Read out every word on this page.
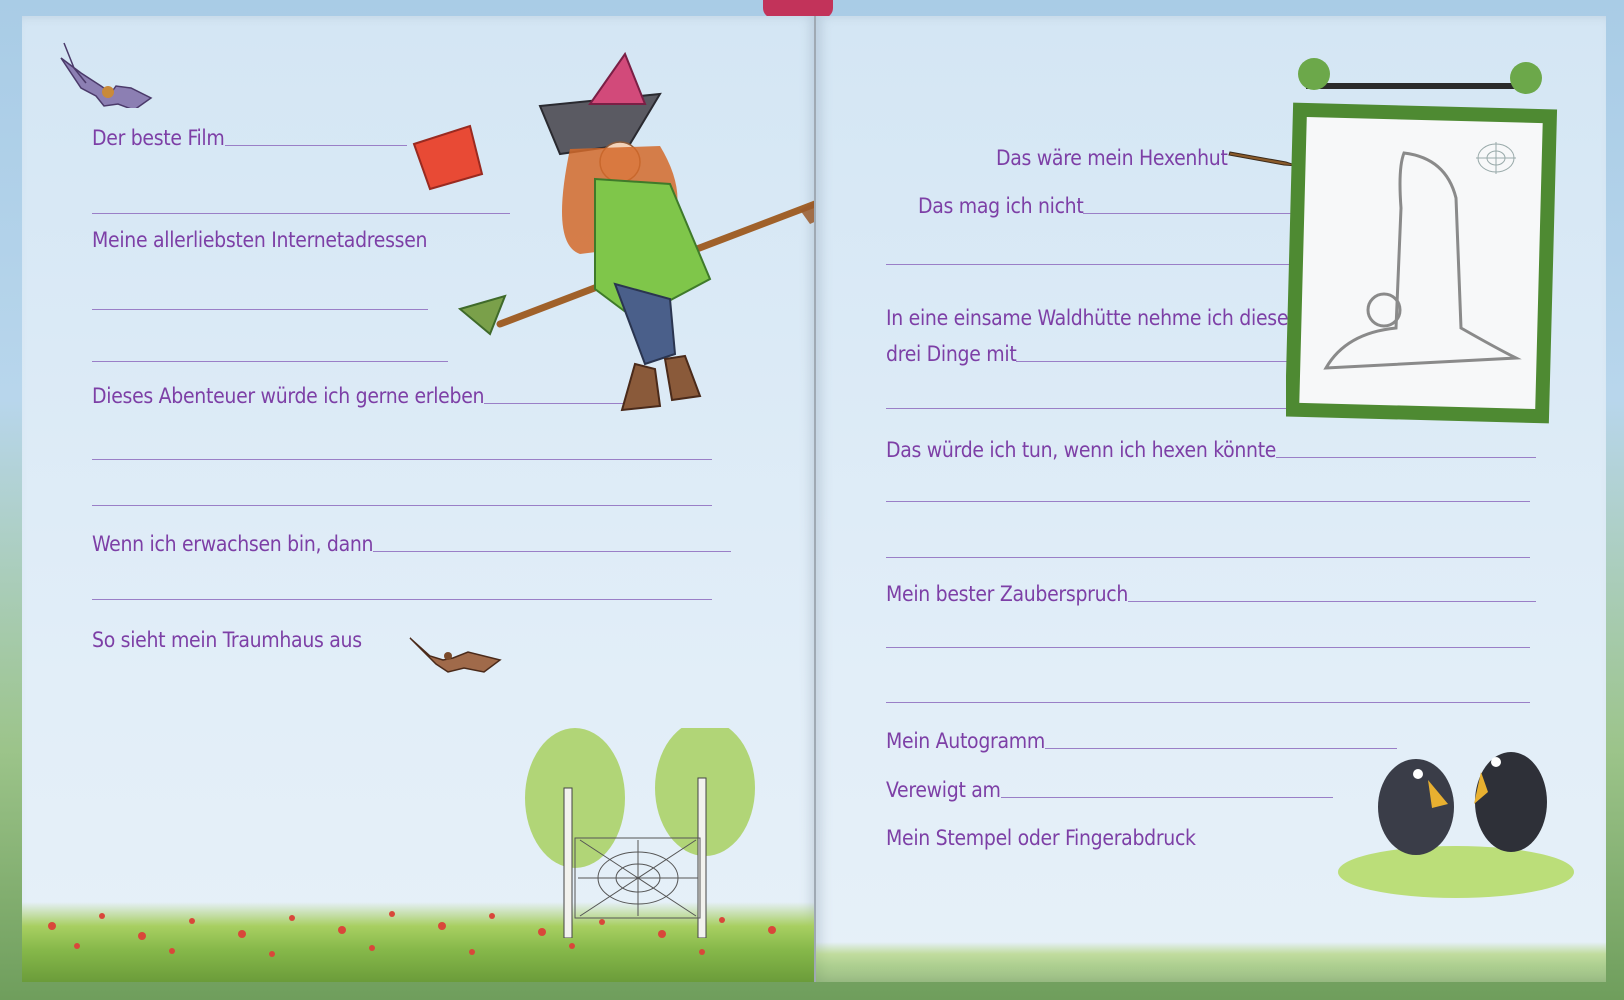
Der beste Film
Meine allerliebsten Internetadressen
Dieses Abenteuer würde ich gerne erleben
Wenn ich erwachsen bin, dann
So sieht mein Traumhaus aus
Das wäre mein Hexenhut
Das mag ich nicht
In eine einsame Waldhütte nehme ich diese
drei Dinge mit
Das würde ich tun, wenn ich hexen könnte
Mein bester Zauberspruch
Mein Autogramm
Verewigt am
Mein Stempel oder Fingerabdruck
